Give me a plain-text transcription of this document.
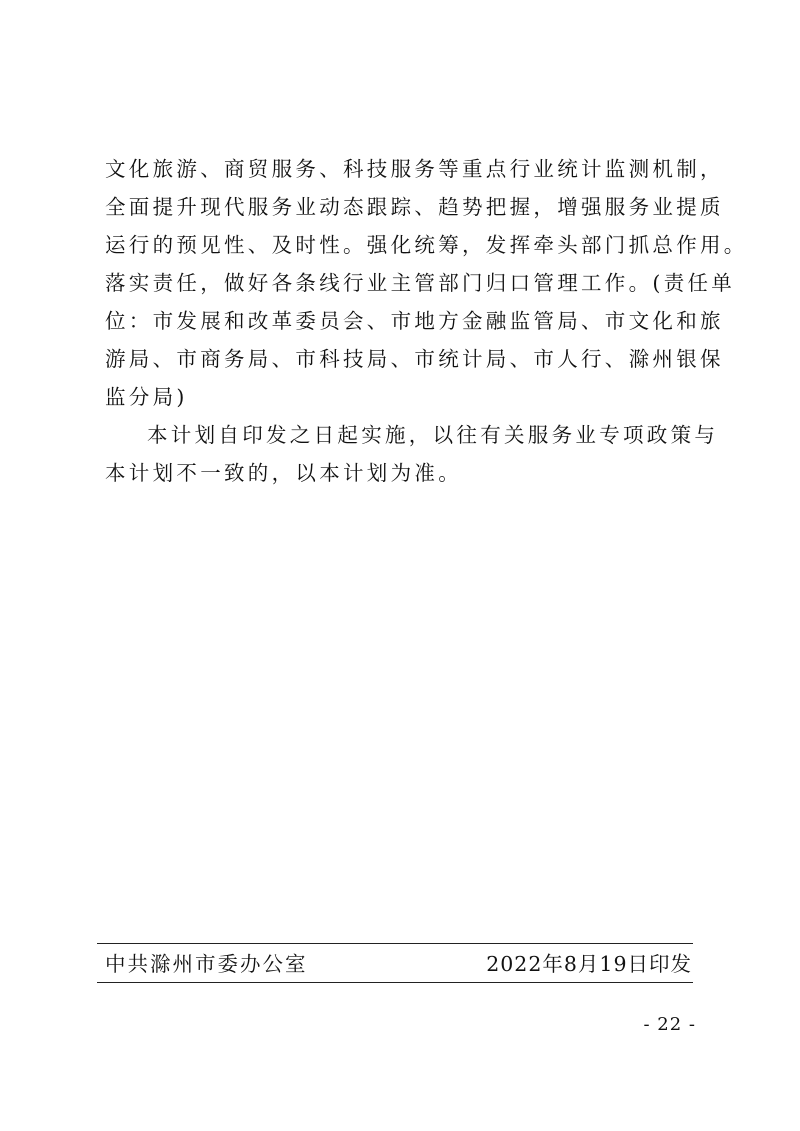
文化旅游、商贸服务、科技服务等重点行业统计监测机制，
全面提升现代服务业动态跟踪、趋势把握，增强服务业提质
运行的预见性、及时性。强化统筹，发挥牵头部门抓总作用。
落实责任，做好各条线行业主管部门归口管理工作。(责任单
位：市发展和改革委员会、市地方金融监管局、市文化和旅
游局、市商务局、市科技局、市统计局、市人行、滁州银保
监分局)
本计划自印发之日起实施，以往有关服务业专项政策与
本计划不一致的，以本计划为准。
中共滁州市委办公室	2022年8月19日印发
- 22 -
